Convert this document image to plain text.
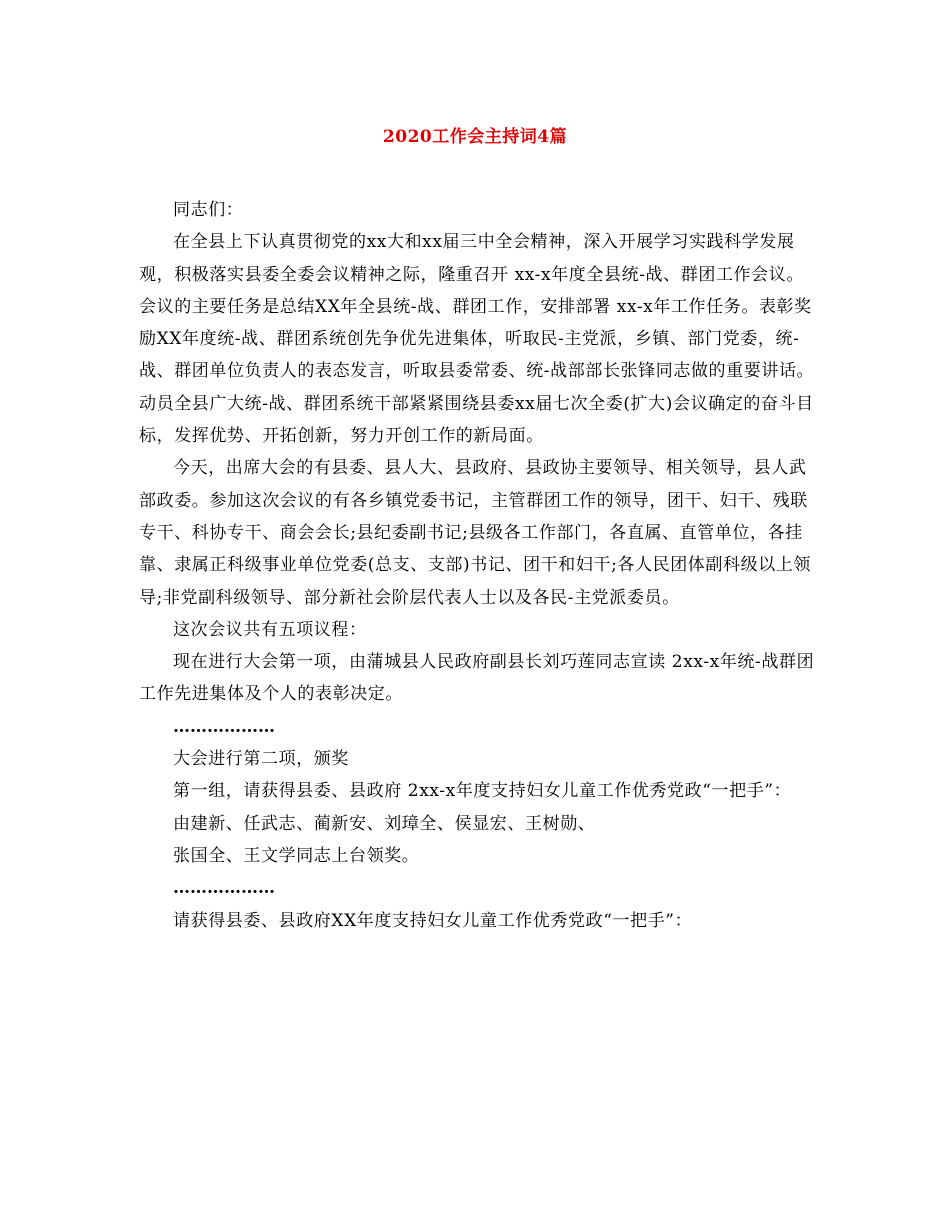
2020工作会主持词4篇

同志们：

在全县上下认真贯彻党的xx大和xx届三中全会精神，深入开展学习实践科学发展观，积极落实县委全委会议精神之际，隆重召开 xx-x年度全县统-战、群团工作会议。会议的主要任务是总结XX年全县统-战、群团工作，安排部署 xx-x年工作任务。表彰奖励XX年度统-战、群团系统创先争优先进集体，听取民-主党派，乡镇、部门党委，统-战、群团单位负责人的表态发言，听取县委常委、统-战部部长张锋同志做的重要讲话。动员全县广大统-战、群团系统干部紧紧围绕县委xx届七次全委(扩大)会议确定的奋斗目标，发挥优势、开拓创新，努力开创工作的新局面。

今天，出席大会的有县委、县人大、县政府、县政协主要领导、相关领导，县人武部政委。参加这次会议的有各乡镇党委书记，主管群团工作的领导，团干、妇干、残联专干、科协专干、商会会长;县纪委副书记;县级各工作部门，各直属、直管单位，各挂靠、隶属正科级事业单位党委(总支、支部)书记、团干和妇干;各人民团体副科级以上领导;非党副科级领导、部分新社会阶层代表人士以及各民-主党派委员。

这次会议共有五项议程：

现在进行大会第一项，由蒲城县人民政府副县长刘巧莲同志宣读 2xx-x年统-战群团工作先进集体及个人的表彰决定。

………………

大会进行第二项，颁奖

第一组，请获得县委、县政府 2xx-x年度支持妇女儿童工作优秀党政“一把手”：

由建新、任武志、蔺新安、刘璋全、侯显宏、王树勋、

张国全、王文学同志上台领奖。

………………

请获得县委、县政府XX年度支持妇女儿童工作优秀党政“一把手”：
